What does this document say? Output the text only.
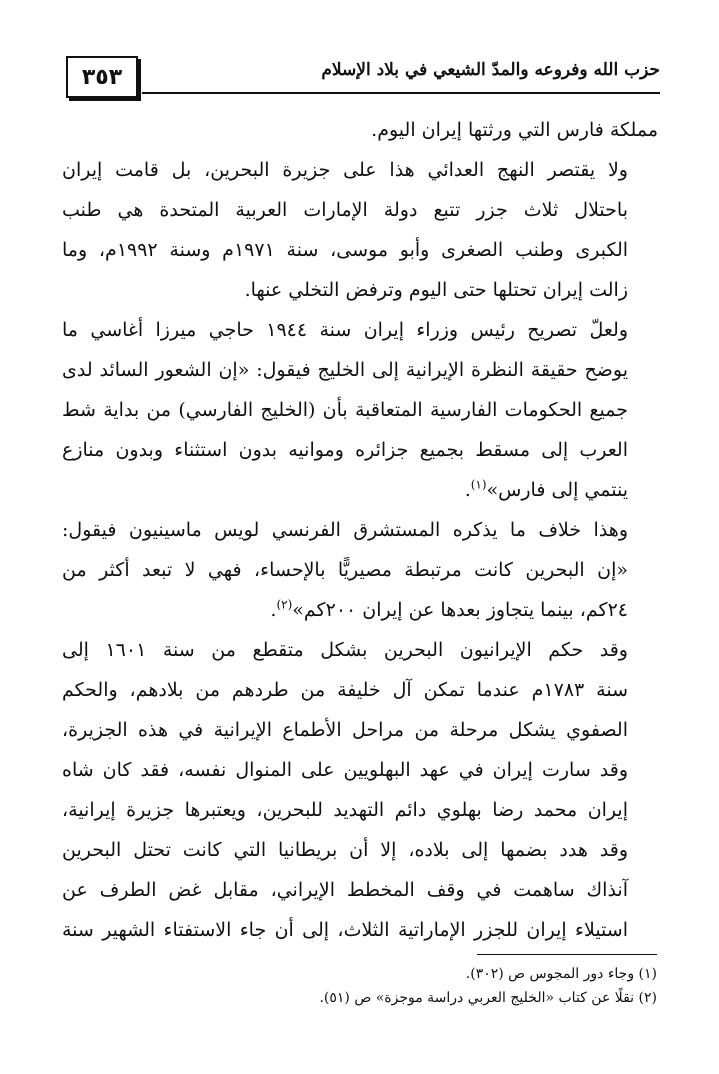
٣٥٣	حزب الله وفروعه والمدّ الشيعي في بلاد الإسلام

مملكة فارس التي ورثتها إيران اليوم.

ولا يقتصر النهج العدائي هذا على جزيرة البحرين، بل قامت إيران
باحتلال ثلاث جزر تتبع دولة الإمارات العربية المتحدة هي طنب
الكبرى وطنب الصغرى وأبو موسى، سنة ١٩٧١م وسنة ١٩٩٢م، وما
زالت إيران تحتلها حتى اليوم وترفض التخلي عنها.

ولعلّ تصريح رئيس وزراء إيران سنة ١٩٤٤ حاجي ميرزا أغاسي ما
يوضح حقيقة النظرة الإيرانية إلى الخليج فيقول: «إن الشعور السائد لدى
جميع الحكومات الفارسية المتعاقبة بأن (الخليج الفارسي) من بداية شط
العرب إلى مسقط بجميع جزائره وموانيه بدون استثناء وبدون منازع
ينتمي إلى فارس»$^{(١)}$.

وهذا خلاف ما يذكره المستشرق الفرنسي لويس ماسينيون فيقول:
«إن البحرين كانت مرتبطة مصيريًّا بالإحساء، فهي لا تبعد أكثر من
٢٤كم، بينما يتجاوز بعدها عن إيران ٢٠٠كم»$^{(٢)}$.

وقد حكم الإيرانيون البحرين بشكل متقطع من سنة ١٦٠١ إلى
سنة ١٧٨٣م عندما تمكن آل خليفة من طردهم من بلادهم، والحكم
الصفوي يشكل مرحلة من مراحل الأطماع الإيرانية في هذه الجزيرة،
وقد سارت إيران في عهد البهلويين على المنوال نفسه، فقد كان شاه
إيران محمد رضا بهلوي دائم التهديد للبحرين، ويعتبرها جزيرة إيرانية،
وقد هدد بضمها إلى بلاده، إلا أن بريطانيا التي كانت تحتل البحرين
آنذاك ساهمت في وقف المخطط الإيراني، مقابل غض الطرف عن
استيلاء إيران للجزر الإماراتية الثلاث، إلى أن جاء الاستفتاء الشهير سنة

(١) وجاء دور المجوس ص (٣٠٢).
(٢) نقلًا عن كتاب «الخليج العربي دراسة موجزة» ص (٥١).
